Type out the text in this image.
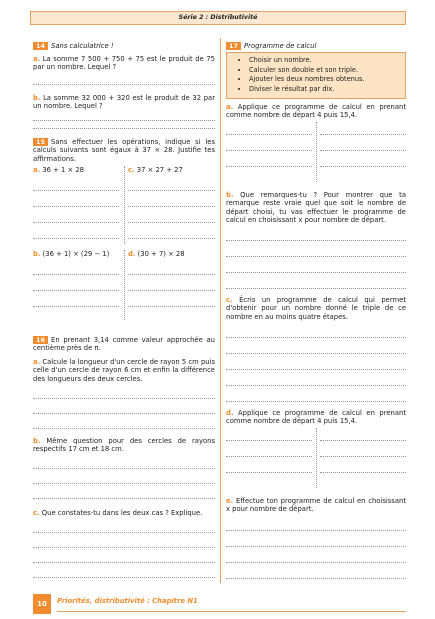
Série 2 : Distributivité
14 Sans calculatrice !
a. La somme 7 500 + 750 + 75 est le produit de 75 par un nombre. Lequel ?
b. La somme 32 000 + 320 est le produit de 32 par un nombre. Lequel ?
15 Sans effectuer les opérations, indique si les calculs suivants sont égaux à 37 × 28. Justifie tes affirmations.
a. 36 + 1 × 28	c. 37 × 27 + 27
b. (36 + 1) × (29 − 1)	d. (30 + 7) × 28
16 En prenant 3,14 comme valeur approchée au centième près de π.
a. Calcule la longueur d'un cercle de rayon 5 cm puis celle d'un cercle de rayon 6 cm et enfin la différence des longueurs des deux cercles.
b. Même question pour des cercles de rayons respectifs 17 cm et 18 cm.
c. Que constates-tu dans les deux cas ? Explique.
17 Programme de calcul
• Choisir un nombre.
• Calculer son double et son triple.
• Ajouter les deux nombres obtenus.
• Diviser le résultat par dix.
a. Applique ce programme de calcul en prenant comme nombre de départ 4 puis 15,4.
b. Que remarques-tu ? Pour montrer que ta remarque reste vraie quel que soit le nombre de départ choisi, tu vas effectuer le programme de calcul en choisissant x pour nombre de départ.
c. Écris un programme de calcul qui permet d'obtenir pour un nombre donné le triple de ce nombre en au moins quatre étapes.
d. Applique ce programme de calcul en prenant comme nombre de départ 4 puis 15,4.
e. Effectue ton programme de calcul en choisissant x pour nombre de départ.
10	Priorités, distributivité : Chapitre N1
